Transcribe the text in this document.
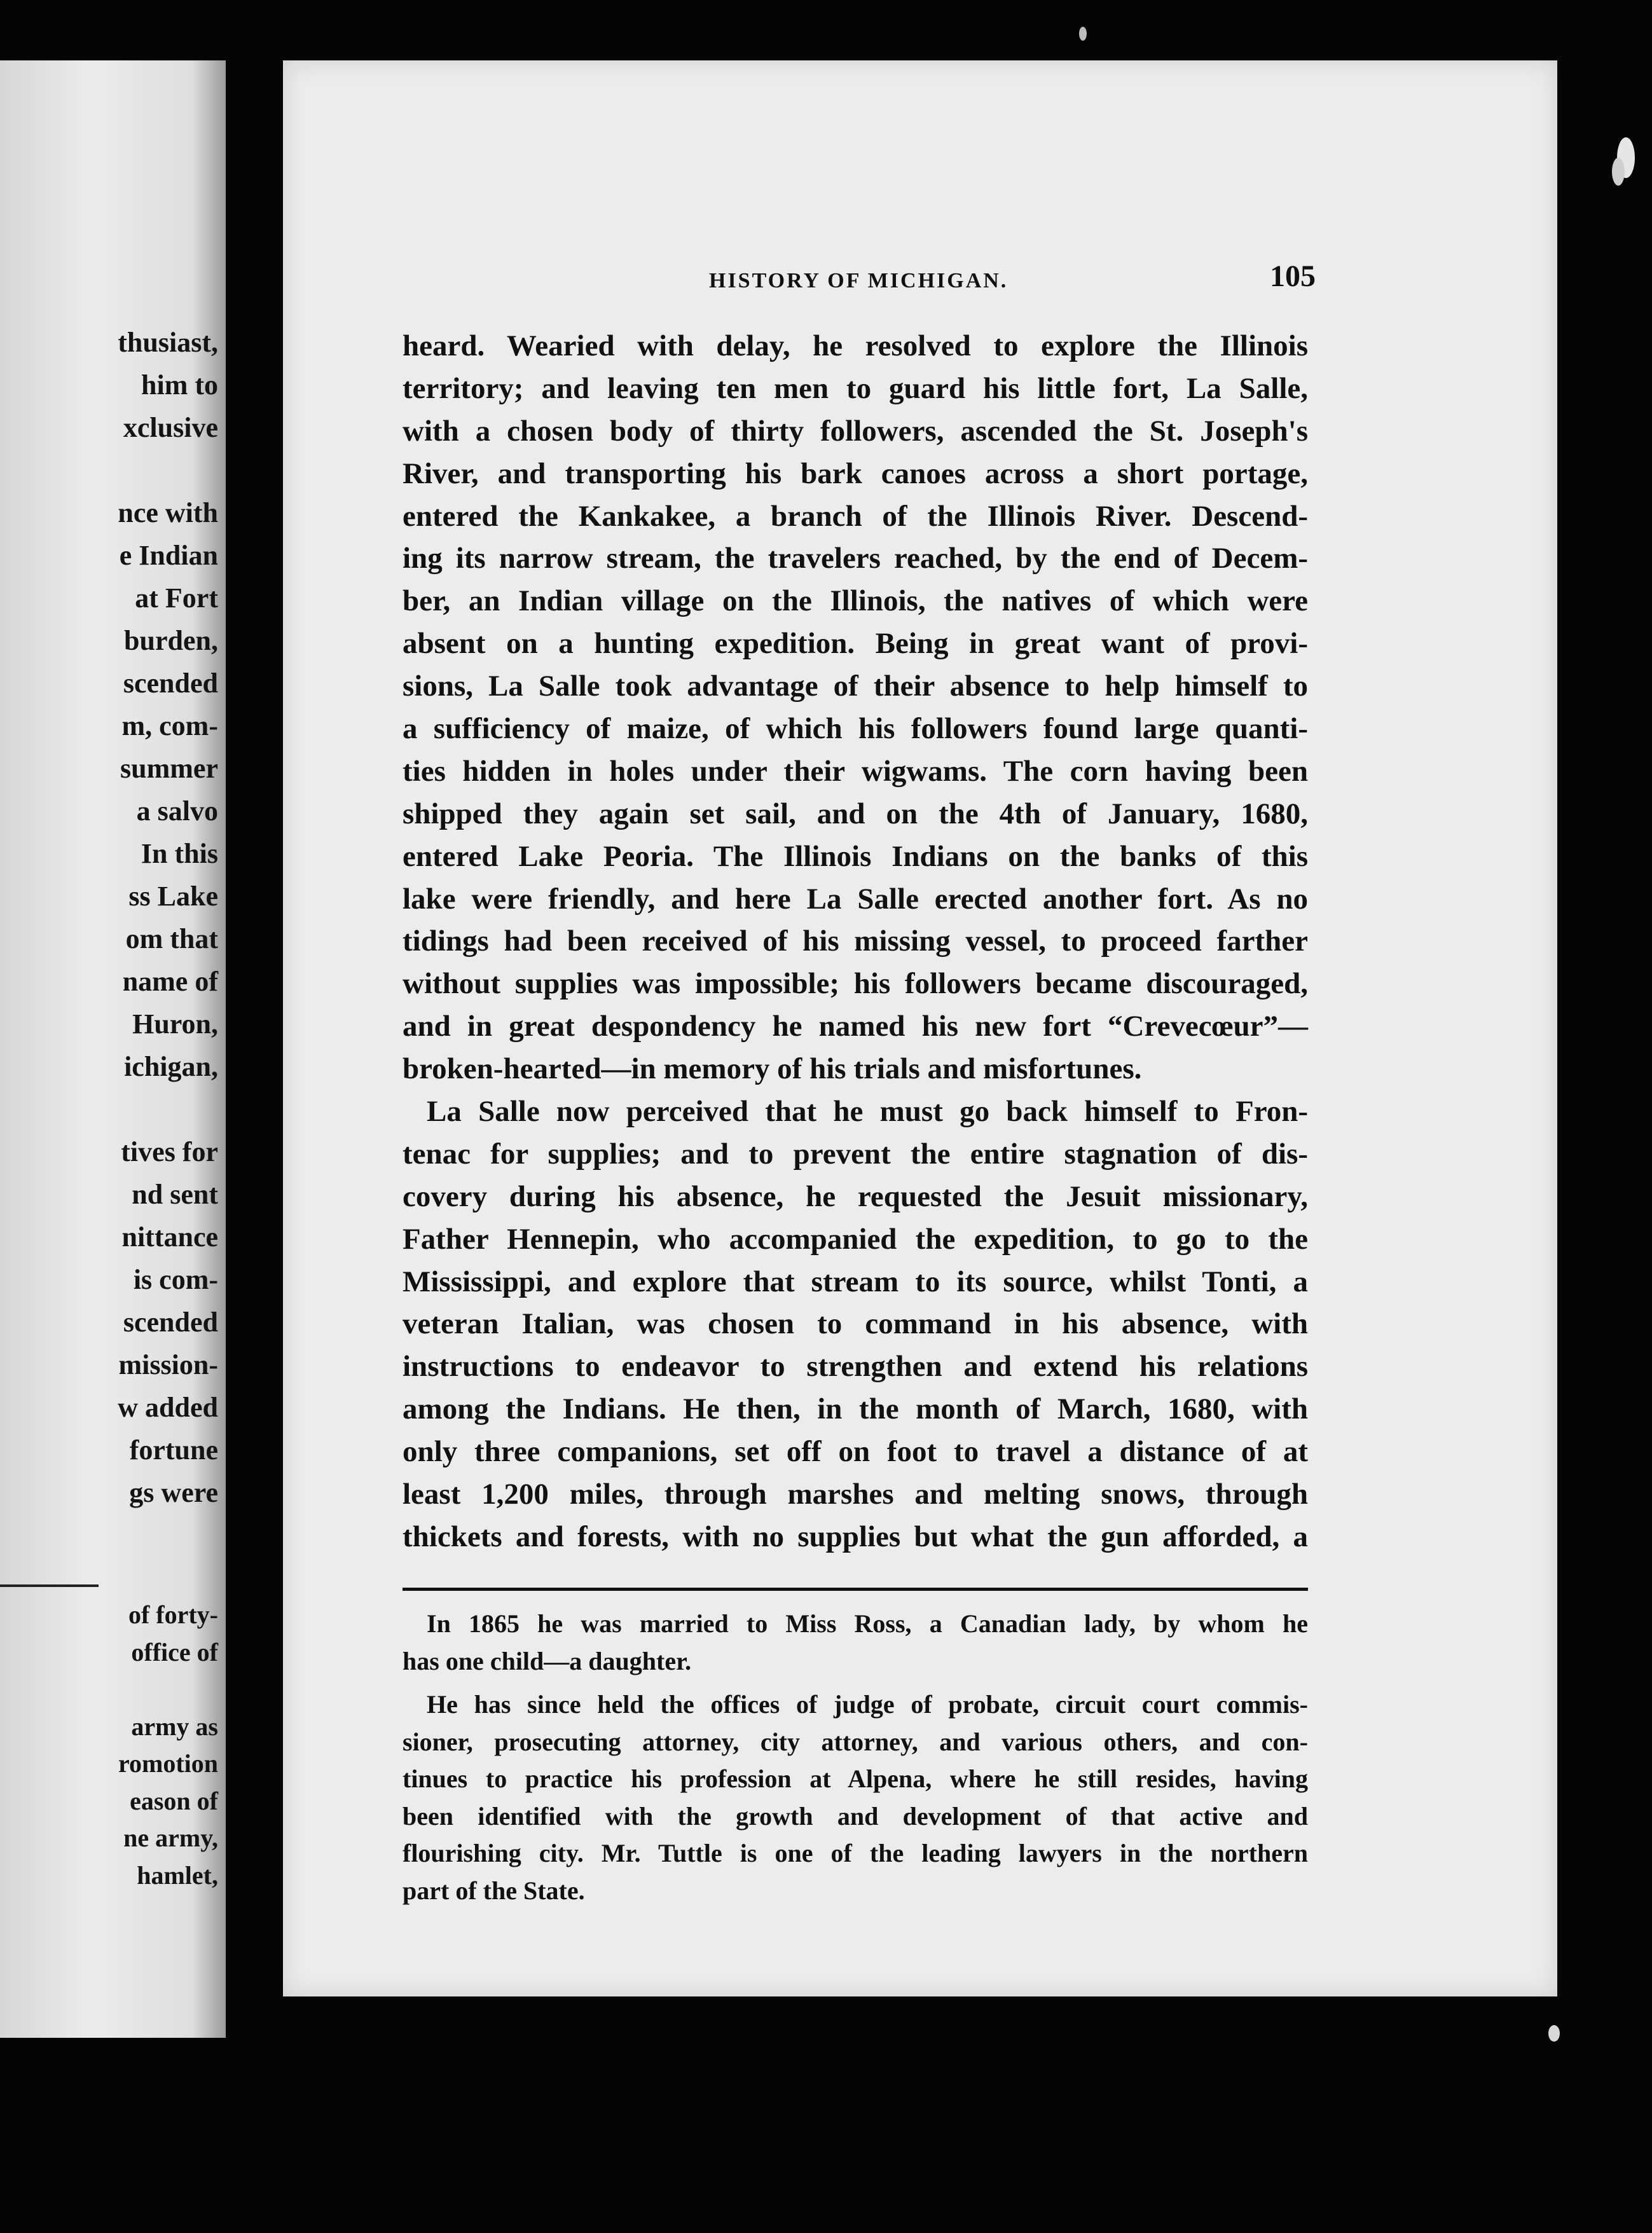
thusiast,
him to
xclusive
nce with
e Indian
at Fort
burden,
scended
m, com-
summer
a salvo
In this
ss Lake
om that
name of
Huron,
ichigan,
tives for
nd sent
nittance
is com-
scended
mission-
w added
fortune
gs were
of forty-
office of
army as
romotion
eason of
ne army,
hamlet,
HISTORY OF MICHIGAN.	105
heard. Wearied with delay, he resolved to explore the Illinois
territory; and leaving ten men to guard his little fort, La Salle,
with a chosen body of thirty followers, ascended the St. Joseph's
River, and transporting his bark canoes across a short portage,
entered the Kankakee, a branch of the Illinois River. Descend-
ing its narrow stream, the travelers reached, by the end of Decem-
ber, an Indian village on the Illinois, the natives of which were
absent on a hunting expedition. Being in great want of provi-
sions, La Salle took advantage of their absence to help himself to
a sufficiency of maize, of which his followers found large quanti-
ties hidden in holes under their wigwams. The corn having been
shipped they again set sail, and on the 4th of January, 1680,
entered Lake Peoria. The Illinois Indians on the banks of this
lake were friendly, and here La Salle erected another fort. As no
tidings had been received of his missing vessel, to proceed farther
without supplies was impossible; his followers became discouraged,
and in great despondency he named his new fort “Crevecœur”—
broken-hearted—in memory of his trials and misfortunes.
La Salle now perceived that he must go back himself to Fron-
tenac for supplies; and to prevent the entire stagnation of dis-
covery during his absence, he requested the Jesuit missionary,
Father Hennepin, who accompanied the expedition, to go to the
Mississippi, and explore that stream to its source, whilst Tonti, a
veteran Italian, was chosen to command in his absence, with
instructions to endeavor to strengthen and extend his relations
among the Indians. He then, in the month of March, 1680, with
only three companions, set off on foot to travel a distance of at
least 1,200 miles, through marshes and melting snows, through
thickets and forests, with no supplies but what the gun afforded, a
In 1865 he was married to Miss Ross, a Canadian lady, by whom he
has one child—a daughter.
He has since held the offices of judge of probate, circuit court commis-
sioner, prosecuting attorney, city attorney, and various others, and con-
tinues to practice his profession at Alpena, where he still resides, having
been identified with the growth and development of that active and
flourishing city. Mr. Tuttle is one of the leading lawyers in the northern
part of the State.
